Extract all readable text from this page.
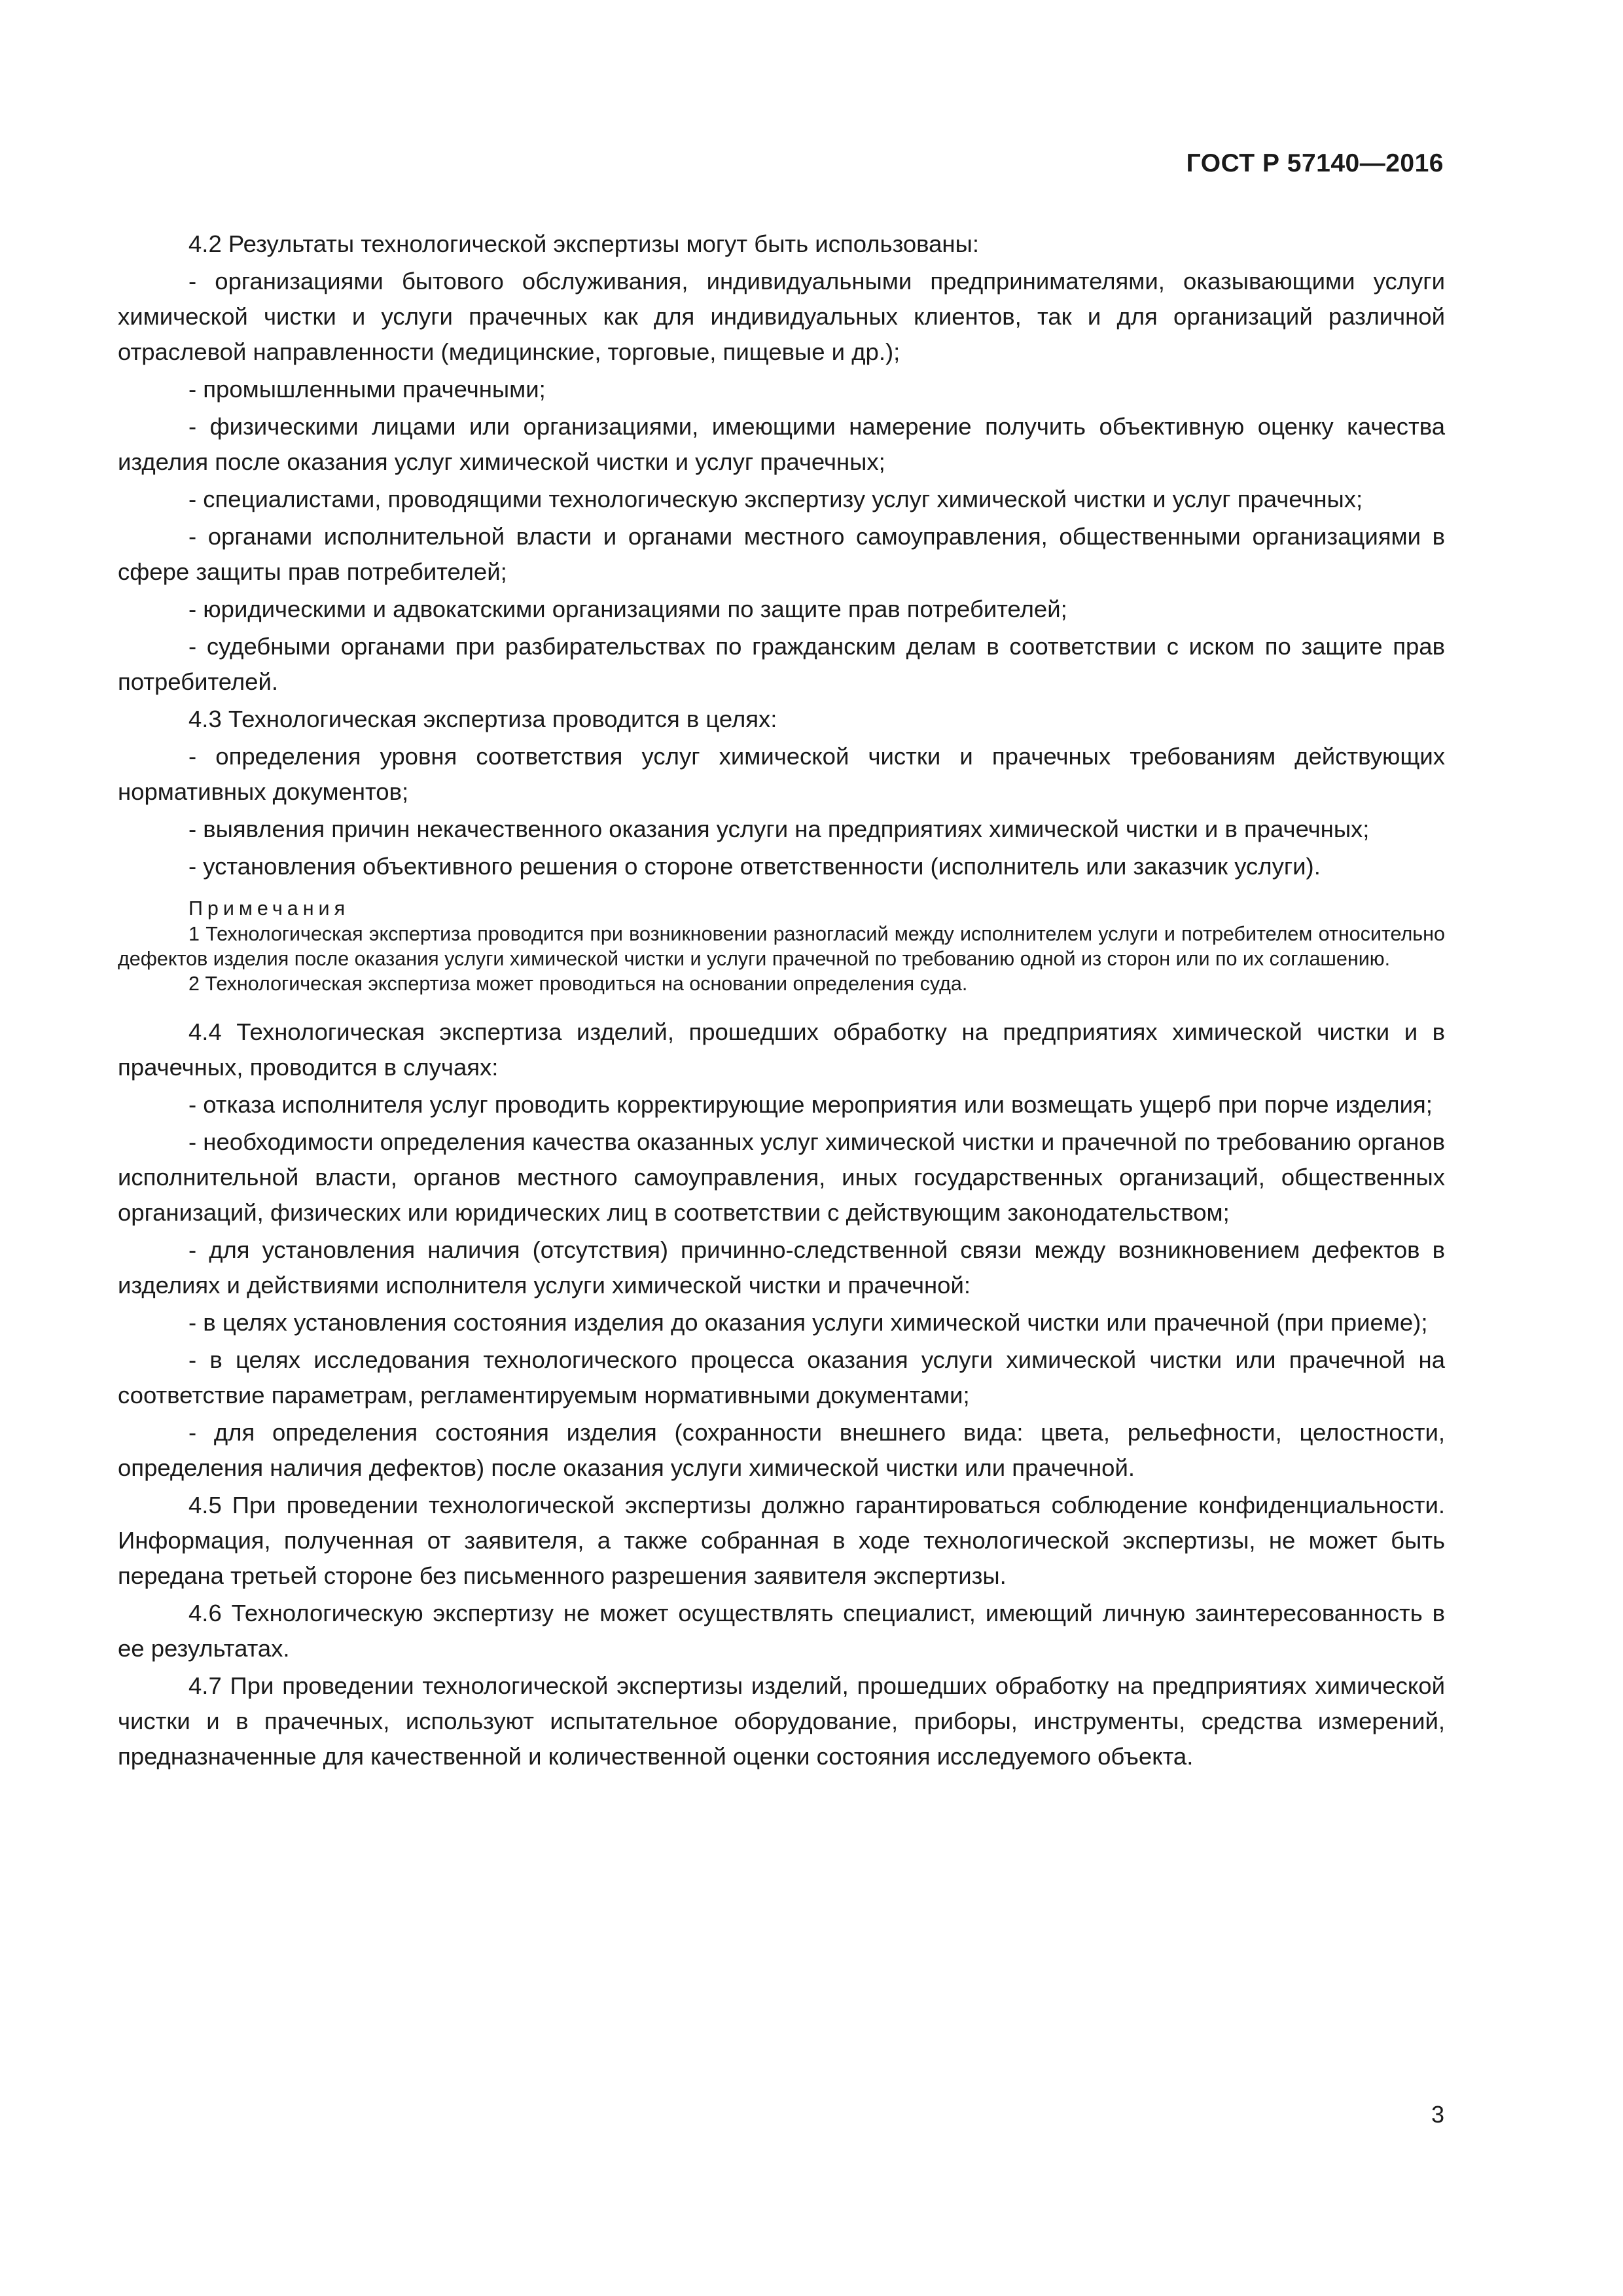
ГОСТ Р 57140—2016

4.2 Результаты технологической экспертизы могут быть использованы:

- организациями бытового обслуживания, индивидуальными предпринимателями, оказывающими услуги химической чистки и услуги прачечных как для индивидуальных клиентов, так и для организаций различной отраслевой направленности (медицинские, торговые, пищевые и др.);

- промышленными прачечными;

- физическими лицами или организациями, имеющими намерение получить объективную оценку качества изделия после оказания услуг химической чистки и услуг прачечных;

- специалистами, проводящими технологическую экспертизу услуг химической чистки и услуг прачечных;

- органами исполнительной власти и органами местного самоуправления, общественными организациями в сфере защиты прав потребителей;

- юридическими и адвокатскими организациями по защите прав потребителей;

- судебными органами при разбирательствах по гражданским делам в соответствии с иском по защите прав потребителей.

4.3 Технологическая экспертиза проводится в целях:

- определения уровня соответствия услуг химической чистки и прачечных требованиям действующих нормативных документов;

- выявления причин некачественного оказания услуги на предприятиях химической чистки и в прачечных;

- установления объективного решения о стороне ответственности (исполнитель или заказчик услуги).

Примечания

1 Технологическая экспертиза проводится при возникновении разногласий между исполнителем услуги и потребителем относительно дефектов изделия после оказания услуги химической чистки и услуги прачечной по требованию одной из сторон или по их соглашению.

2 Технологическая экспертиза может проводиться на основании определения суда.

4.4 Технологическая экспертиза изделий, прошедших обработку на предприятиях химической чистки и в прачечных, проводится в случаях:

- отказа исполнителя услуг проводить корректирующие мероприятия или возмещать ущерб при порче изделия;

- необходимости определения качества оказанных услуг химической чистки и прачечной по требованию органов исполнительной власти, органов местного самоуправления, иных государственных организаций, общественных организаций, физических или юридических лиц в соответствии с действующим законодательством;

- для установления наличия (отсутствия) причинно-следственной связи между возникновением дефектов в изделиях и действиями исполнителя услуги химической чистки и прачечной:

- в целях установления состояния изделия до оказания услуги химической чистки или прачечной (при приеме);

- в целях исследования технологического процесса оказания услуги химической чистки или прачечной на соответствие параметрам, регламентируемым нормативными документами;

- для определения состояния изделия (сохранности внешнего вида: цвета, рельефности, целостности, определения наличия дефектов) после оказания услуги химической чистки или прачечной.

4.5 При проведении технологической экспертизы должно гарантироваться соблюдение конфиденциальности. Информация, полученная от заявителя, а также собранная в ходе технологической экспертизы, не может быть передана третьей стороне без письменного разрешения заявителя экспертизы.

4.6 Технологическую экспертизу не может осуществлять специалист, имеющий личную заинтересованность в ее результатах.

4.7 При проведении технологической экспертизы изделий, прошедших обработку на предприятиях химической чистки и в прачечных, используют испытательное оборудование, приборы, инструменты, средства измерений, предназначенные для качественной и количественной оценки состояния исследуемого объекта.

3
